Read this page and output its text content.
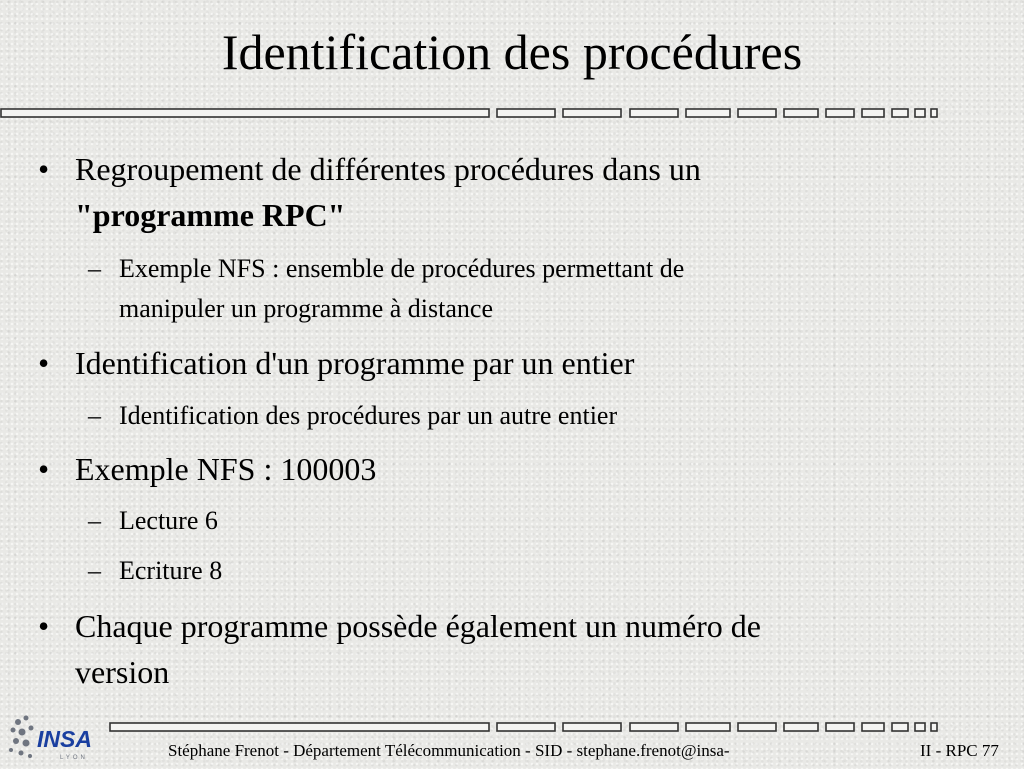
Identification des procédures
• Regroupement de différentes procédures dans un
"programme RPC"
– Exemple NFS : ensemble de procédures permettant de
manipuler un programme à distance
• Identification d'un programme par un entier
– Identification des procédures par un autre entier
• Exemple NFS : 100003
– Lecture 6
– Ecriture 8
• Chaque programme possède également un numéro de
version
INSA
LYON	Stéphane Frenot - Département Télécommunication - SID - stephane.frenot@insa-	II - RPC 77
